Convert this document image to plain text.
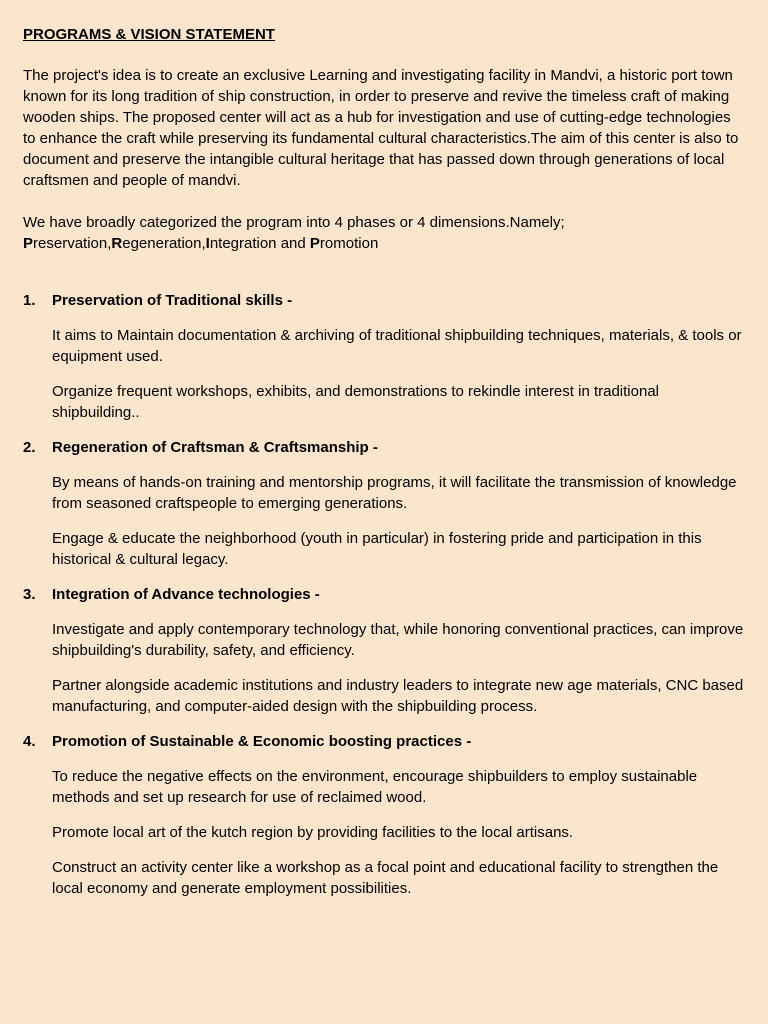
PROGRAMS & VISION STATEMENT

The project's idea is to create an exclusive Learning and investigating facility in Mandvi, a historic port town known for its long tradition of ship construction, in order to preserve and revive the timeless craft of making wooden ships. The proposed center will act as a hub for investigation and use of cutting-edge technologies to enhance the craft while preserving its fundamental cultural characteristics.The aim of this center is also to document and preserve the intangible cultural heritage that has passed down through generations of local craftsmen and people of mandvi.

We have broadly categorized the program into 4 phases or 4 dimensions.Namely;
Preservation,Regeneration,Integration and Promotion

1.	Preservation of Traditional skills -

It aims to Maintain documentation & archiving of traditional shipbuilding techniques, materials, & tools or equipment used.

Organize frequent workshops, exhibits, and demonstrations to rekindle interest in traditional shipbuilding..

2.	Regeneration of Craftsman & Craftsmanship -

By means of hands-on training and mentorship programs, it will facilitate the transmission of knowledge from seasoned craftspeople to emerging generations.

Engage & educate the neighborhood (youth in particular) in fostering pride and participation in this historical & cultural legacy.

3.	Integration of Advance technologies -

Investigate and apply contemporary technology that, while honoring conventional practices, can improve shipbuilding's durability, safety, and efficiency.

Partner alongside academic institutions and industry leaders to integrate new age materials, CNC based manufacturing, and computer-aided design with the shipbuilding process.

4.	Promotion of Sustainable & Economic boosting practices -

To reduce the negative effects on the environment, encourage shipbuilders to employ sustainable methods and set up research for use of reclaimed wood.

Promote local art of the kutch region by providing facilities to the local artisans.

Construct an activity center like a workshop as a focal point and educational facility to strengthen the local economy and generate employment possibilities.
